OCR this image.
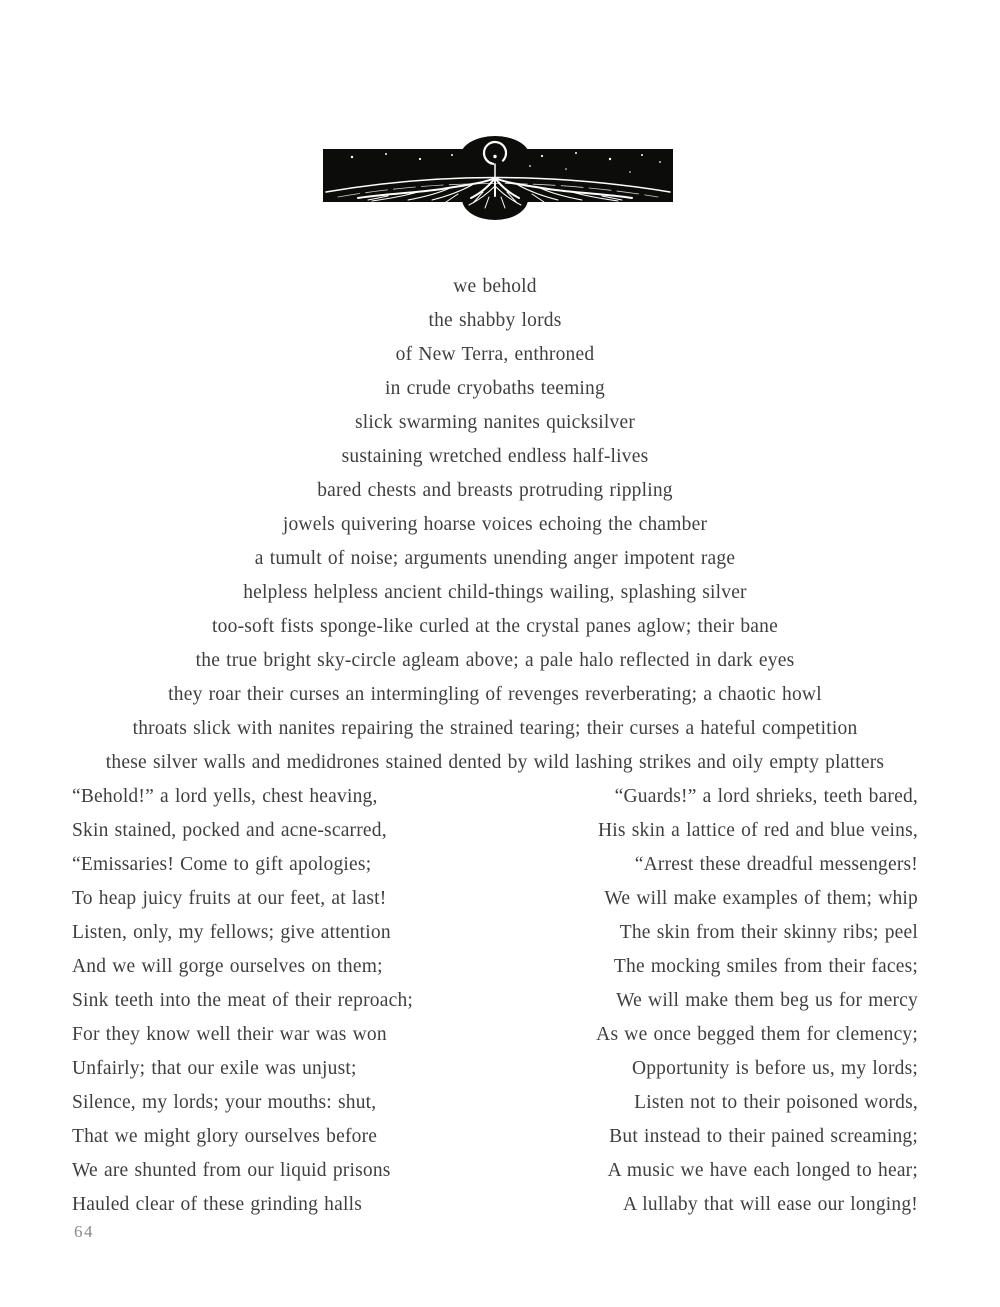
we behold
the shabby lords
of New Terra, enthroned
in crude cryobaths teeming
slick swarming nanites quicksilver
sustaining wretched endless half-lives
bared chests and breasts protruding rippling
jowels quivering hoarse voices echoing the chamber
a tumult of noise; arguments unending anger impotent rage
helpless helpless ancient child-things wailing, splashing silver
too-soft fists sponge-like curled at the crystal panes aglow; their bane
the true bright sky-circle agleam above; a pale halo reflected in dark eyes
they roar their curses an intermingling of revenges reverberating; a chaotic howl
throats slick with nanites repairing the strained tearing; their curses a hateful competition
these silver walls and medidrones stained dented by wild lashing strikes and oily empty platters
“Behold!” a lord yells, chest heaving,
Skin stained, pocked and acne-scarred,
“Emissaries! Come to gift apologies;
To heap juicy fruits at our feet, at last!
Listen, only, my fellows; give attention
And we will gorge ourselves on them;
Sink teeth into the meat of their reproach;
For they know well their war was won
Unfairly; that our exile was unjust;
Silence, my lords; your mouths: shut,
That we might glory ourselves before
We are shunted from our liquid prisons
Hauled clear of these grinding halls
“Guards!” a lord shrieks, teeth bared,
His skin a lattice of red and blue veins,
“Arrest these dreadful messengers!
We will make examples of them; whip
The skin from their skinny ribs; peel
The mocking smiles from their faces;
We will make them beg us for mercy
As we once begged them for clemency;
Opportunity is before us, my lords;
Listen not to their poisoned words,
But instead to their pained screaming;
A music we have each longed to hear;
A lullaby that will ease our longing!
64
